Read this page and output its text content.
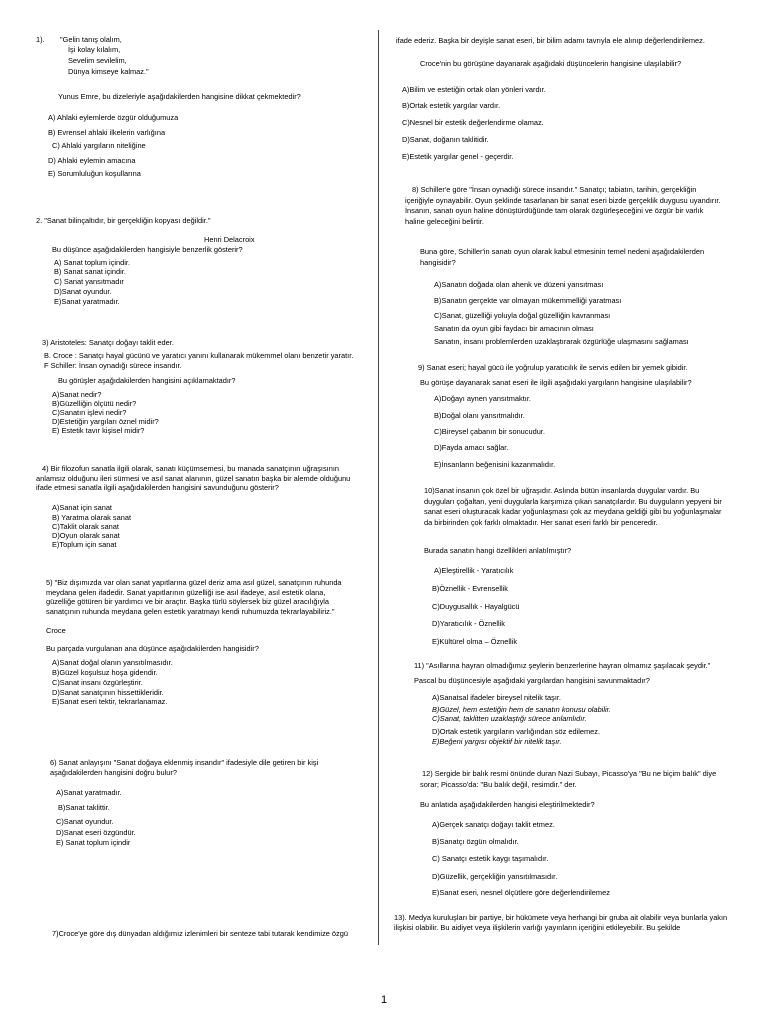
1). "Gelin tanış olalım,
İşi kolay kılalım,
Sevelim sevilelim,
Dünya kimseye kalmaz."
Yunus Emre, bu dizeleriyle aşağıdakilerden hangisine dikkat çekmektedir?
A) Ahlaki eylemlerde özgür olduğumuza
B) Evrensel ahlaki ilkelerin varlığına
C) Ahlaki yargıların niteliğine
D) Ahlaki eylemin amacına
E) Sorumluluğun koşullarına
2. "Sanat bilinçaltıdır, bir gerçekliğin kopyası değildir."
Henri Delacroix
Bu düşünce aşağıdakilerden hangisiyle benzerlik gösterir?
A) Sanat toplum içindir.
B) Sanat sanat içindir.
C) Sanat yansıtmadır
D)Sanat oyundur.
E)Sanat yaratmadır.
3) Aristoteles: Sanatçı doğayı taklit eder.
B. Croce : Sanatçı hayal gücünü ve yaratıcı yanını kullanarak mükemmel olanı benzetir yaratır.
F Schiller: İnsan oynadığı sürece insandır.
Bu görüşler aşağıdakilerden hangisini açıklamaktadır?
A)Sanat nedir?
B)Güzelliğin ölçütü nedir?
C)Sanatın işlevi nedir?
D)Estetiğin yargıları öznel midir?
E) Estetik tavır kişisel midir?
4) Bir filozofun sanatla ilgili olarak, sanatı küçümsemesi, bu manada sanatçının uğraşısının anlamsız olduğunu ileri sürmesi ve asıl sanat alanının, güzel sanatın başka bir alemde olduğunu ifade etmesi sanatla ilgili aşağıdakilerden hangisini savunduğunu gösterir?
A)Sanat için sanat
B) Yaratma olarak sanat
C)Taklit olarak sanat
D)Oyun olarak sanat
E)Toplum için sanat
5) "Biz dışımızda var olan sanat yapıtlarına güzel deriz ama asıl güzel, sanatçının ruhunda meydana gelen ifadedir. Sanat yapıtlarının güzelliği ise asıl ifadeye, asıl estetik olana, güzelliğe götüren bir yardımcı ve bir araçtır. Başka türlü söylersek biz güzel aracılığıyla sanatçının ruhunda meydana gelen estetik yaratmayı kendi ruhumuzda tekrarlayabiliriz."
Croce
Bu parçada vurgulanan ana düşünce aşağıdakilerden hangisidir?
A)Sanat doğal olanın yansıtılmasıdır.
B)Güzel koşulsuz hoşa gidendir.
C)Sanat insanı özgürleştirir.
D)Sanat sanatçının hissettikleridir.
E)Sanat eseri tektir, tekrarlanamaz.
6) Sanat anlayışını "Sanat doğaya eklenmiş insandır" ifadesiyle dile getiren bir kişi aşağıdakilerden hangisini doğru bulur?
A)Sanat yaratmadır.
B)Sanat taklittir.
C)Sanat oyundur.
D)Sanat eseri özgündür.
E) Sanat toplum içindir
7)Croce'ye göre dış dünyadan aldığımız izlenimleri bir senteze tabi tutarak kendimize özgü
ifade ederiz. Başka bir deyişle sanat eseri, bir bilim adamı tavrıyla ele alınıp değerlendirilemez.
Croce'nin bu görüşüne dayanarak aşağıdaki düşüncelerin hangisine ulaşılabilir?
A)Bilim ve estetiğin ortak olan yönleri vardır.
B)Ortak estetik yargılar vardır.
C)Nesnel bir estetik değerlendirme olamaz.
D)Sanat, doğanın taklitidir.
E)Estetik yargılar genel - geçerdir.
8) Schiller'e göre "İnsan oynadığı sürece insandır." Sanatçı; tabiatın, tarihin, gerçekliğin içeriğiyle oynayabilir. Oyun şeklinde tasarlanan bir sanat eseri bizde gerçeklik duygusu uyandırır. İnsanın, sanatı oyun haline dönüştürdüğünde tam olarak özgürleşeceğini ve özgür bir varlık haline geleceğini belirtir.
Buna göre, Schiller'in sanatı oyun olarak kabul etmesinin temel nedeni aşağıdakilerden hangisidir?
A)Sanatın doğada olan ahenk ve düzeni yansıtması
B)Sanatın gerçekte var olmayan mükemmelliği yaratması
C)Sanat, güzelliği yoluyla doğal güzelliğin kavranması
Sanatın da oyun gibi faydacı bir amacının olması
Sanatın, insanı problemlerden uzaklaştırarak özgürlüğe ulaşmasını sağlaması
9) Sanat eseri; hayal gücü ile yoğrulup yaratıcılık ile servis edilen bir yemek gibidir.
Bu görüşe dayanarak sanat eseri ile ilgili aşağıdaki yargıların hangisine ulaşılabilir?
A)Doğayı aynen yansıtmaktır.
B)Doğal olanı yansıtmalıdır.
C)Bireysel çabanın bir sonucudur.
D)Fayda amacı sağlar.
E)İnsanların beğenisini kazanmalıdır.
10)Sanat insanın çok özel bir uğraşıdır. Aslında bütün insanlarda duygular vardır. Bu duyguları çoğaltan, yeni duygularla karşımıza çıkan sanatçılardır. Bu duyguların yepyeni bir sanat eseri oluşturacak kadar yoğunlaşması çok az meydana geldiği gibi bu yoğunlaşmalar da birbirinden çok farklı olmaktadır. Her sanat eseri farklı bir penceredir.
Burada sanatın hangi özellikleri anlatılmıştır?
A)Eleştirellik - Yaratıcılık
B)Öznellik - Evrensellik
C)Duygusallık - Hayalgücü
D)Yaratıcılık - Öznellik
E)Kültürel olma – Öznellik
11) "Asıllarına hayran olmadığımız şeylerin benzerlerine hayran olmamız şaşılacak şeydir."
Pascal bu düşüncesiyle aşağıdaki yargılardan hangisini savunmaktadır?
A)Sanatsal ifadeler bireysel nitelik taşır.
B)Güzel, hem estetiğin hem de sanatın konusu olabilir.
C)Sanat, taklitten uzaklaştığı sürece anlamlıdır.
D)Ortak estetik yargıların varlığından söz edilemez.
E)Beğeni yargısı objektif bir nitelik taşır.
12) Sergide bir balık resmi önünde duran Nazi Subayı, Picasso'ya "Bu ne biçim balık" diye sorar; Picasso'da: "Bu balık değil, resimdir." der.
Bu anlatıda aşağıdakilerden hangisi eleştirilmektedir?
A)Gerçek sanatçı doğayı taklit etmez.
B)Sanatçı özgün olmalıdır.
C) Sanatçı estetik kaygı taşımalıdır.
D)Güzellik, gerçekliğin yansıtılmasıdır.
E)Sanat eseri, nesnel ölçütlere göre değerlendirilemez
13). Medya kuruluşları bir partiye, bir hükümete veya herhangi bir gruba ait olabilir veya bunlarla yakın ilişkisi olabilir. Bu aidiyet veya ilişkilerin varlığı yayınların içeriğini etkileyebilir. Bu şekilde
1
